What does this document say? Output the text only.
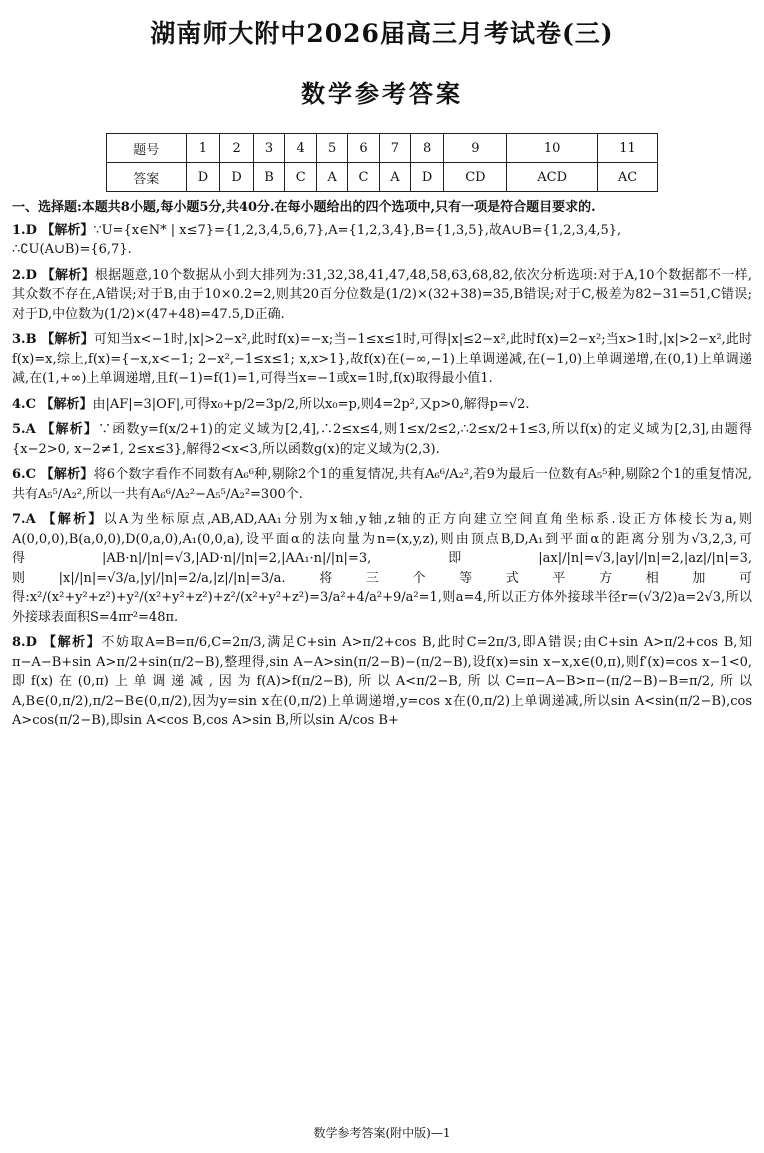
湖南师大附中2026届高三月考试卷(三)
数学参考答案
题号	1	2	3	4	5	6	7	8	9	10	11
答案	D	D	B	C	A	C	A	D	CD	ACD	AC
一、选择题:本题共8小题,每小题5分,共40分.在每小题给出的四个选项中,只有一项是符合题目要求的.
1.D 【解析】∵U={x∈N* | x≤7}={1,2,3,4,5,6,7},A={1,2,3,4},B={1,3,5},故A∪B={1,2,3,4,5},
∴∁U(A∪B)={6,7}.
2.D 【解析】根据题意,10个数据从小到大排列为:31,32,38,41,47,48,58,63,68,82,依次分析选项:对于A,10个数据都不一样,其众数不存在,A错误;对于B,由于10×0.2=2,则其20百分位数是(1/2)×(32+38)=35,B错误;对于C,极差为82−31=51,C错误;对于D,中位数为(1/2)×(47+48)=47.5,D正确.
3.B 【解析】可知当x<−1时,|x|>2−x²,此时f(x)=−x;当−1≤x≤1时,可得|x|≤2−x²,此时f(x)=2−x²;当x>1时,|x|>2−x²,此时f(x)=x,综上,f(x)={−x,x<−1; 2−x²,−1≤x≤1; x,x>1},故f(x)在(−∞,−1)上单调递减,在(−1,0)上单调递增,在(0,1)上单调递减,在(1,+∞)上单调递增,且f(−1)=f(1)=1,可得当x=−1或x=1时,f(x)取得最小值1.
4.C 【解析】由|AF|=3|OF|,可得x₀+p/2=3p/2,所以x₀=p,则4=2p²,又p>0,解得p=√2.
5.A 【解析】∵函数y=f(x/2+1)的定义域为[2,4],∴2≤x≤4,则1≤x/2≤2,∴2≤x/2+1≤3,所以f(x)的定义域为[2,3],由题得{x−2>0, x−2≠1, 2≤x≤3},解得2<x<3,所以函数g(x)的定义域为(2,3).
6.C 【解析】将6个数字看作不同数有A₆⁶种,剔除2个1的重复情况,共有A₆⁶/A₂²,若9为最后一位数有A₅⁵种,剔除2个1的重复情况,共有A₅⁵/A₂²,所以一共有A₆⁶/A₂²−A₅⁵/A₂²=300个.
7.A 【解析】以A为坐标原点,AB,AD,AA₁分别为x轴,y轴,z轴的正方向建立空间直角坐标系.设正方体棱长为a,则A(0,0,0),B(a,0,0),D(0,a,0),A₁(0,0,a),设平面α的法向量为n=(x,y,z),则由顶点B,D,A₁到平面α的距离分别为√3,2,3,可得|AB·n|/|n|=√3,|AD·n|/|n|=2,|AA₁·n|/|n|=3,即|ax|/|n|=√3,|ay|/|n|=2,|az|/|n|=3,则|x|/|n|=√3/a,|y|/|n|=2/a,|z|/|n|=3/a.将三个等式平方相加可得:x²/(x²+y²+z²)+y²/(x²+y²+z²)+z²/(x²+y²+z²)=3/a²+4/a²+9/a²=1,则a=4,所以正方体外接球半径r=(√3/2)a=2√3,所以外接球表面积S=4πr²=48π.
8.D 【解析】不妨取A=B=π/6,C=2π/3,满足C+sin A>π/2+cos B,此时C=2π/3,即A错误;由C+sin A>π/2+cos B,知π−A−B+sin A>π/2+sin(π/2−B),整理得,sin A−A>sin(π/2−B)−(π/2−B),设f(x)=sin x−x,x∈(0,π),则f′(x)=cos x−1<0,即f(x)在(0,π)上单调递减,因为f(A)>f(π/2−B),所以A<π/2−B,所以C=π−A−B>π−(π/2−B)−B=π/2,所以A,B∈(0,π/2),π/2−B∈(0,π/2),因为y=sin x在(0,π/2)上单调递增,y=cos x在(0,π/2)上单调递减,所以sin A<sin(π/2−B),cos A>cos(π/2−B),即sin A<cos B,cos A>sin B,所以sin A/cos B+
数学参考答案(附中版)—1
